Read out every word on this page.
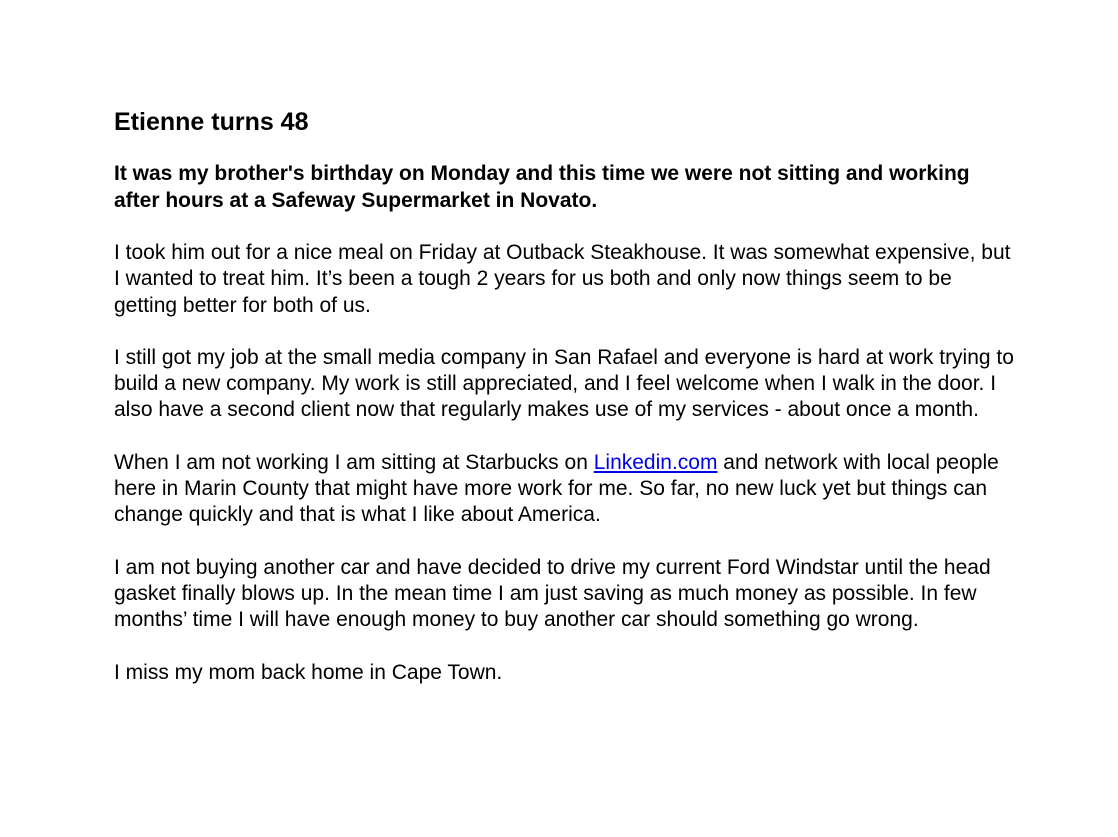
Etienne turns 48
It was my brother's birthday on Monday and this time we were not sitting and working after hours at a Safeway Supermarket in Novato.
I took him out for a nice meal on Friday at Outback Steakhouse. It was somewhat expensive, but I wanted to treat him. It’s been a tough 2 years for us both and only now things seem to be getting better for both of us.
I still got my job at the small media company in San Rafael and everyone is hard at work trying to build a new company. My work is still appreciated, and I feel welcome when I walk in the door. I also have a second client now that regularly makes use of my services - about once a month.
When I am not working I am sitting at Starbucks on Linkedin.com and network with local people here in Marin County that might have more work for me. So far, no new luck yet but things can change quickly and that is what I like about America.
I am not buying another car and have decided to drive my current Ford Windstar until the head gasket finally blows up. In the mean time I am just saving as much money as possible. In few months’ time I will have enough money to buy another car should something go wrong.
I miss my mom back home in Cape Town.
